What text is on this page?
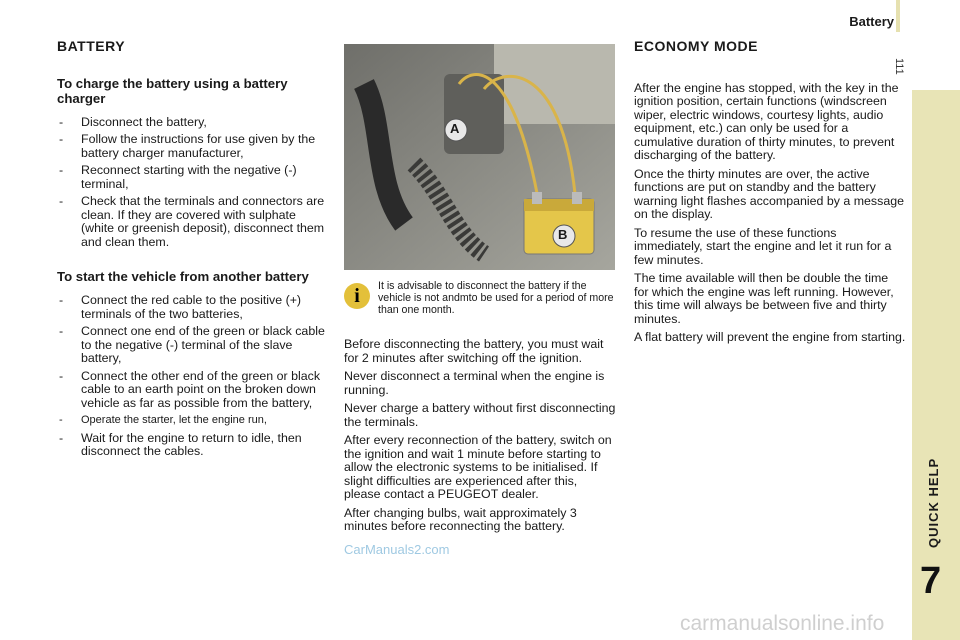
Battery
111
QUICK HELP
7
BATTERY
To charge the battery using a battery charger
- Disconnect the battery,
- Follow the instructions for use given by the battery charger manufacturer,
- Reconnect starting with the negative (-) terminal,
- Check that the terminals and connectors are clean. If they are covered with sulphate (white or greenish deposit), disconnect them and clean them.
To start the vehicle from another battery
- Connect the red cable to the positive (+) terminals of the two batteries,
- Connect one end of the green or black cable to the negative (-) terminal of the slave battery,
- Connect the other end of the green or black cable to an earth point on the broken down vehicle as far as possible from the battery,
- Operate the starter, let the engine run,
- Wait for the engine to return to idle, then disconnect the cables.
A
B
i	It is advisable to disconnect the battery if the vehicle is not andmto be used for a period of more than one month.

Before disconnecting the battery, you must wait for 2 minutes after switching off the ignition.

Never disconnect a terminal when the engine is running.

Never charge a battery without first disconnecting the terminals.

After every reconnection of the battery, switch on the ignition and wait 1 minute before starting to allow the electronic systems to be initialised. If slight difficulties are experienced after this, please contact a PEUGEOT dealer.

After changing bulbs, wait approximately 3 minutes before reconnecting the battery.

ECONOMY MODE

After the engine has stopped, with the key in the ignition position, certain functions (windscreen wiper, electric windows, courtesy lights, audio equipment, etc.) can only be used for a cumulative duration of thirty minutes, to prevent discharging of the battery.

Once the thirty minutes are over, the active functions are put on standby and the battery warning light flashes accompanied by a message on the display.

To resume the use of these functions immediately, start the engine and let it run for a few minutes.

The time available will then be double the time for which the engine was left running. However, this time will always be between five and thirty minutes.

A flat battery will prevent the engine from starting.

CarManuals2.com
carmanualsonline.info
